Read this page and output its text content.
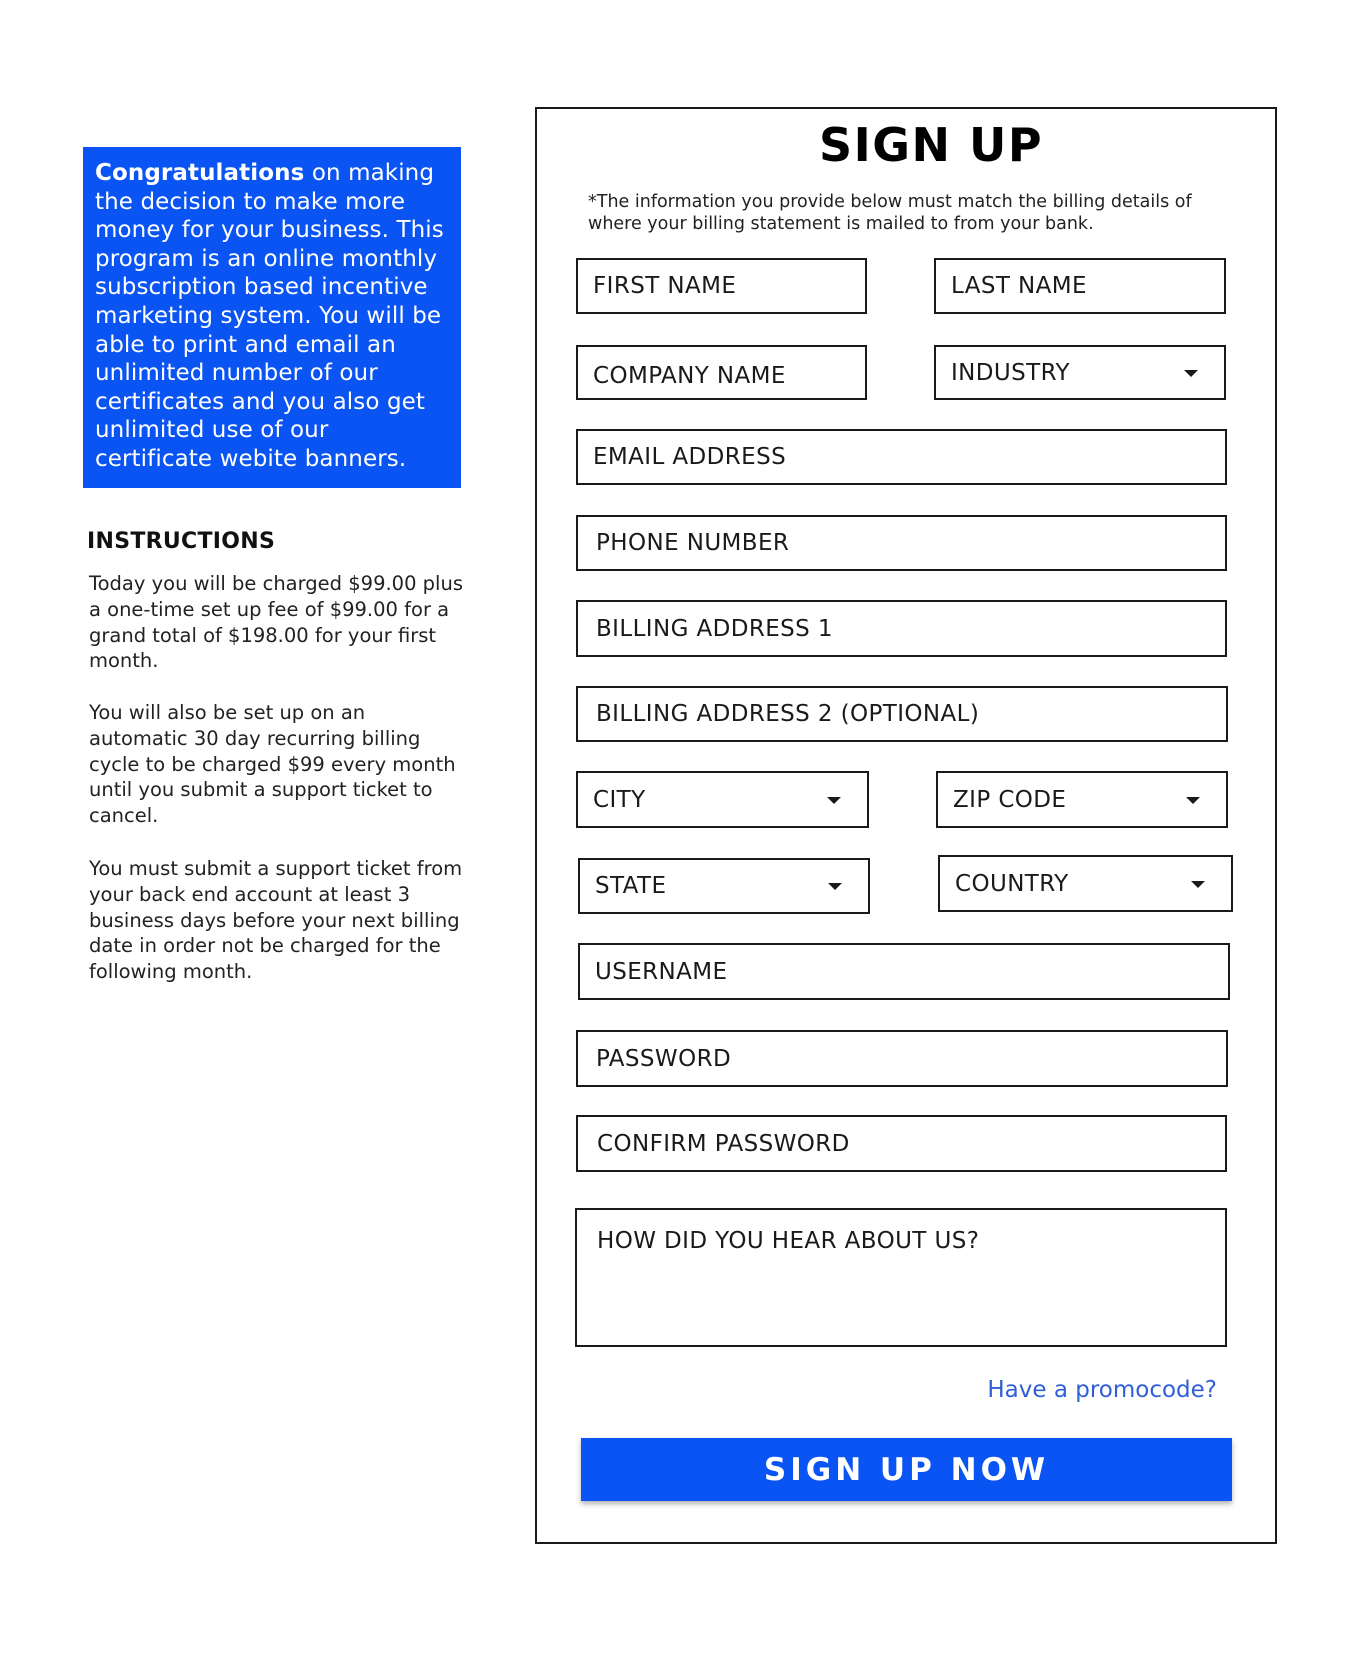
Congratulations on making the decision to make more money for your business. This program is an online monthly subscription based incentive marketing system. You will be able to print and email an unlimited number of our certificates and you also get unlimited use of our certificate webite banners.
INSTRUCTIONS

Today you will be charged $99.00 plus a one-time set up fee of $99.00 for a grand total of $198.00 for your first month.

You will also be set up on an automatic 30 day recurring billing cycle to be charged $99 every month until you submit a support ticket to cancel.

You must submit a support ticket from your back end account at least 3 business days before your next billing date in order not be charged for the following month.

SIGN UP

*The information you provide below must match the billing details of where your billing statement is mailed to from your bank.

FIRST NAME	LAST NAME
COMPANY NAME	INDUSTRY
EMAIL ADDRESS
PHONE NUMBER
BILLING ADDRESS 1
BILLING ADDRESS 2 (OPTIONAL)
CITY	ZIP CODE
STATE	COUNTRY
USERNAME
PASSWORD
CONFIRM PASSWORD
HOW DID YOU HEAR ABOUT US?
Have a promocode?
SIGN UP NOW
